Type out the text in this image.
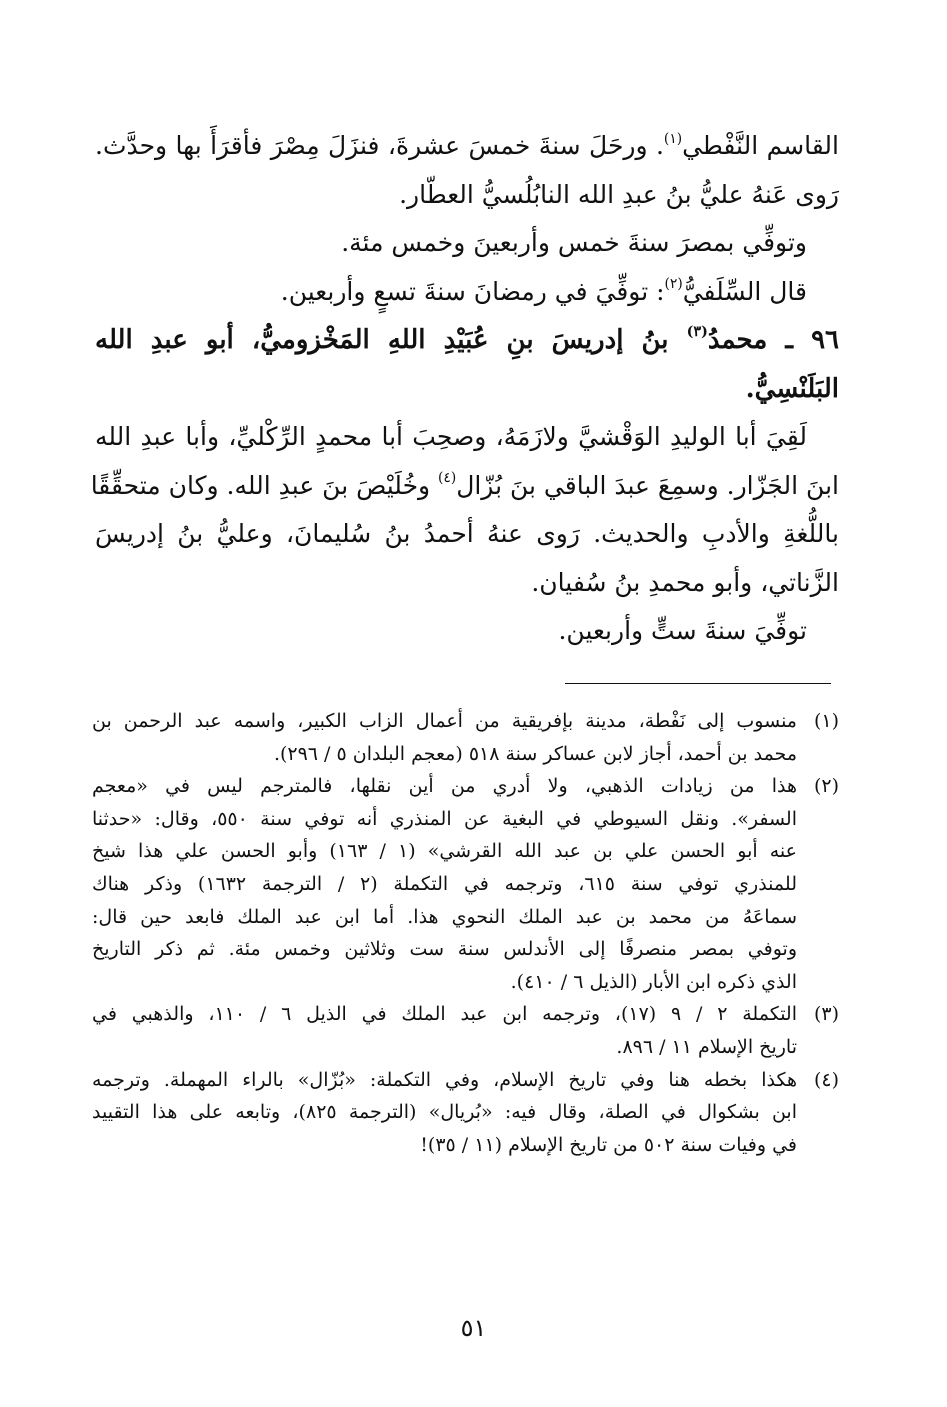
القاسم النَّفْطي$^{(١)}$. ورحَلَ سنةَ خمسَ عشرةَ، فنزَلَ مِصْرَ فأقرَأَ بها وحدَّث.

رَوى عَنهُ عليُّ بنُ عبدِ الله النابُلُسيُّ العطّار.

وتوفِّي بمصرَ سنةَ خمس وأربعينَ وخمس مئة.

قال السِّلَفيُّ$^{(٢)}$: توفِّيَ في رمضانَ سنةَ تسعٍ وأربعين.

٩٦ ـ محمدُ$^{(٣)}$ بنُ إدريسَ بنِ عُبَيْدِ اللهِ المَخْزوميُّ، أبو عبدِ الله

البَلَنْسِيُّ.

لَقِيَ أبا الوليدِ الوَقْشيَّ ولازَمَهُ، وصحِبَ أبا محمدٍ الرِّكْليِّ، وأبا عبدِ الله

ابنَ الجَزّار. وسمِعَ عبدَ الباقي بنَ بُزّال$^{(٤)}$ وخُلَيْصَ بنَ عبدِ الله. وكان متحقِّقًا

باللُّغةِ والأدبِ والحديث. رَوى عنهُ أحمدُ بنُ سُليمانَ، وعليُّ بنُ إدريسَ

الزَّناتي، وأبو محمدِ بنُ سُفيان.

توفِّيَ سنةَ ستٍّ وأربعين.

(١)

منسوب إلى نَفْطة، مدينة بإفريقية من أعمال الزاب الكبير، واسمه عبد الرحمن بن

محمد بن أحمد، أجاز لابن عساكر سنة ٥١٨ (معجم البلدان ٥ / ٢٩٦).

(٢)

هذا من زيادات الذهبي، ولا أدري من أين نقلها، فالمترجم ليس في «معجم

السفر». ونقل السيوطي في البغية عن المنذري أنه توفي سنة ٥٥٠، وقال: «حدثنا

عنه أبو الحسن علي بن عبد الله القرشي» (١ / ١٦٣) وأبو الحسن علي هذا شيخ

للمنذري توفي سنة ٦١٥، وترجمه في التكملة (٢ / الترجمة ١٦٣٢) وذكر هناك

سماعَهُ من محمد بن عبد الملك النحوي هذا. أما ابن عبد الملك فابعد حين قال:

وتوفي بمصر منصرفًا إلى الأندلس سنة ست وثلاثين وخمس مئة. ثم ذكر التاريخ

الذي ذكره ابن الأبار (الذيل ٦ / ٤١٠).

(٣)

التكملة ٢ / ٩ (١٧)، وترجمه ابن عبد الملك في الذيل ٦ / ١١٠، والذهبي في

تاريخ الإسلام ١١ / ٨٩٦.

(٤)

هكذا بخطه هنا وفي تاريخ الإسلام، وفي التكملة: «بُزّال» بالراء المهملة. وترجمه

ابن بشكوال في الصلة، وقال فيه: «بُريال» (الترجمة ٨٢٥)، وتابعه على هذا التقييد

في وفيات سنة ٥٠٢ من تاريخ الإسلام (١١ / ٣٥)!

٥١
